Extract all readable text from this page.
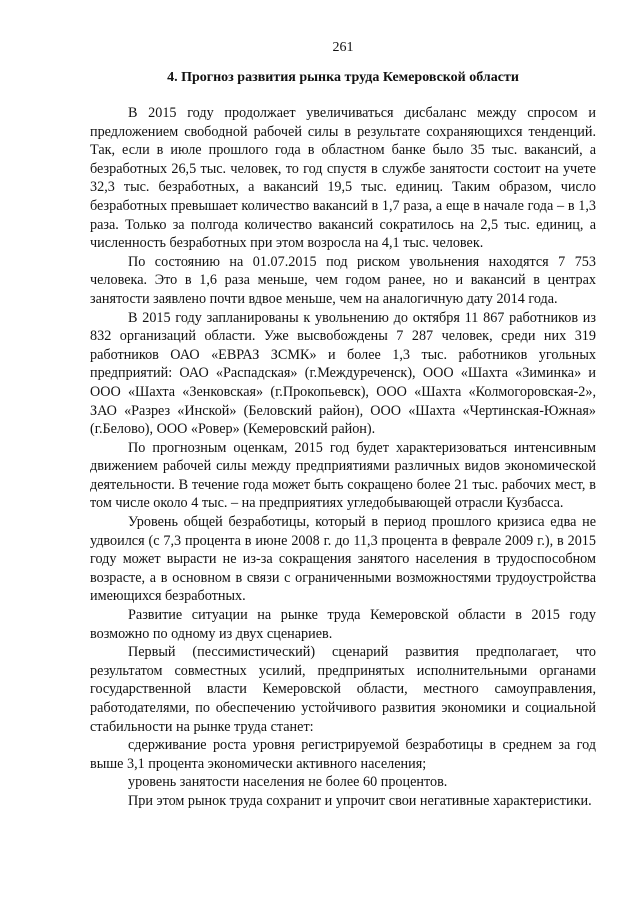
261
4. Прогноз развития рынка труда Кемеровской области

В 2015 году продолжает увеличиваться дисбаланс между спросом и предложением свободной рабочей силы в результате сохраняющихся тенденций. Так, если в июле прошлого года в областном банке было 35 тыс. вакансий, а безработных 26,5 тыс. человек, то год спустя в службе занятости состоит на учете 32,3 тыс. безработных, а вакансий 19,5 тыс. единиц. Таким образом, число безработных превышает количество вакансий в 1,7 раза, а еще в начале года – в 1,3 раза. Только за полгода количество вакансий сократилось на 2,5 тыс. единиц, а численность безработных при этом возросла на 4,1 тыс. человек.

По состоянию на 01.07.2015 под риском увольнения находятся 7 753 человека. Это в 1,6 раза меньше, чем годом ранее, но и вакансий в центрах занятости заявлено почти вдвое меньше, чем на аналогичную дату 2014 года.

В 2015 году запланированы к увольнению до октября 11 867 работников из 832 организаций области. Уже высвобождены 7 287 человек, среди них 319 работников ОАО «ЕВРАЗ ЗСМК» и более 1,3 тыс. работников угольных предприятий: ОАО «Распадская» (г.Междуреченск), ООО «Шахта «Зиминка» и ООО «Шахта «Зенковская» (г.Прокопьевск), ООО «Шахта «Колмогоровская-2», ЗАО «Разрез «Инской» (Беловский район), ООО «Шахта «Чертинская-Южная» (г.Белово), ООО «Ровер» (Кемеровский район).

По прогнозным оценкам, 2015 год будет характеризоваться интенсивным движением рабочей силы между предприятиями различных видов экономической деятельности. В течение года может быть сокращено более 21 тыс. рабочих мест, в том числе около 4 тыс. – на предприятиях угледобывающей отрасли Кузбасса.

Уровень общей безработицы, который в период прошлого кризиса едва не удвоился (с 7,3 процента в июне 2008 г. до 11,3 процента в феврале 2009 г.), в 2015 году может вырасти не из-за сокращения занятого населения в трудоспособном возрасте, а в основном в связи с ограниченными возможностями трудоустройства имеющихся безработных.

Развитие ситуации на рынке труда Кемеровской области в 2015 году возможно по одному из двух сценариев.

Первый (пессимистический) сценарий развития предполагает, что результатом совместных усилий, предпринятых исполнительными органами государственной власти Кемеровской области, местного самоуправления, работодателями, по обеспечению устойчивого развития экономики и социальной стабильности на рынке труда станет:

сдерживание роста уровня регистрируемой безработицы в среднем за год выше 3,1 процента экономически активного населения;

уровень занятости населения не более 60 процентов.

При этом рынок труда сохранит и упрочит свои негативные характеристики.
